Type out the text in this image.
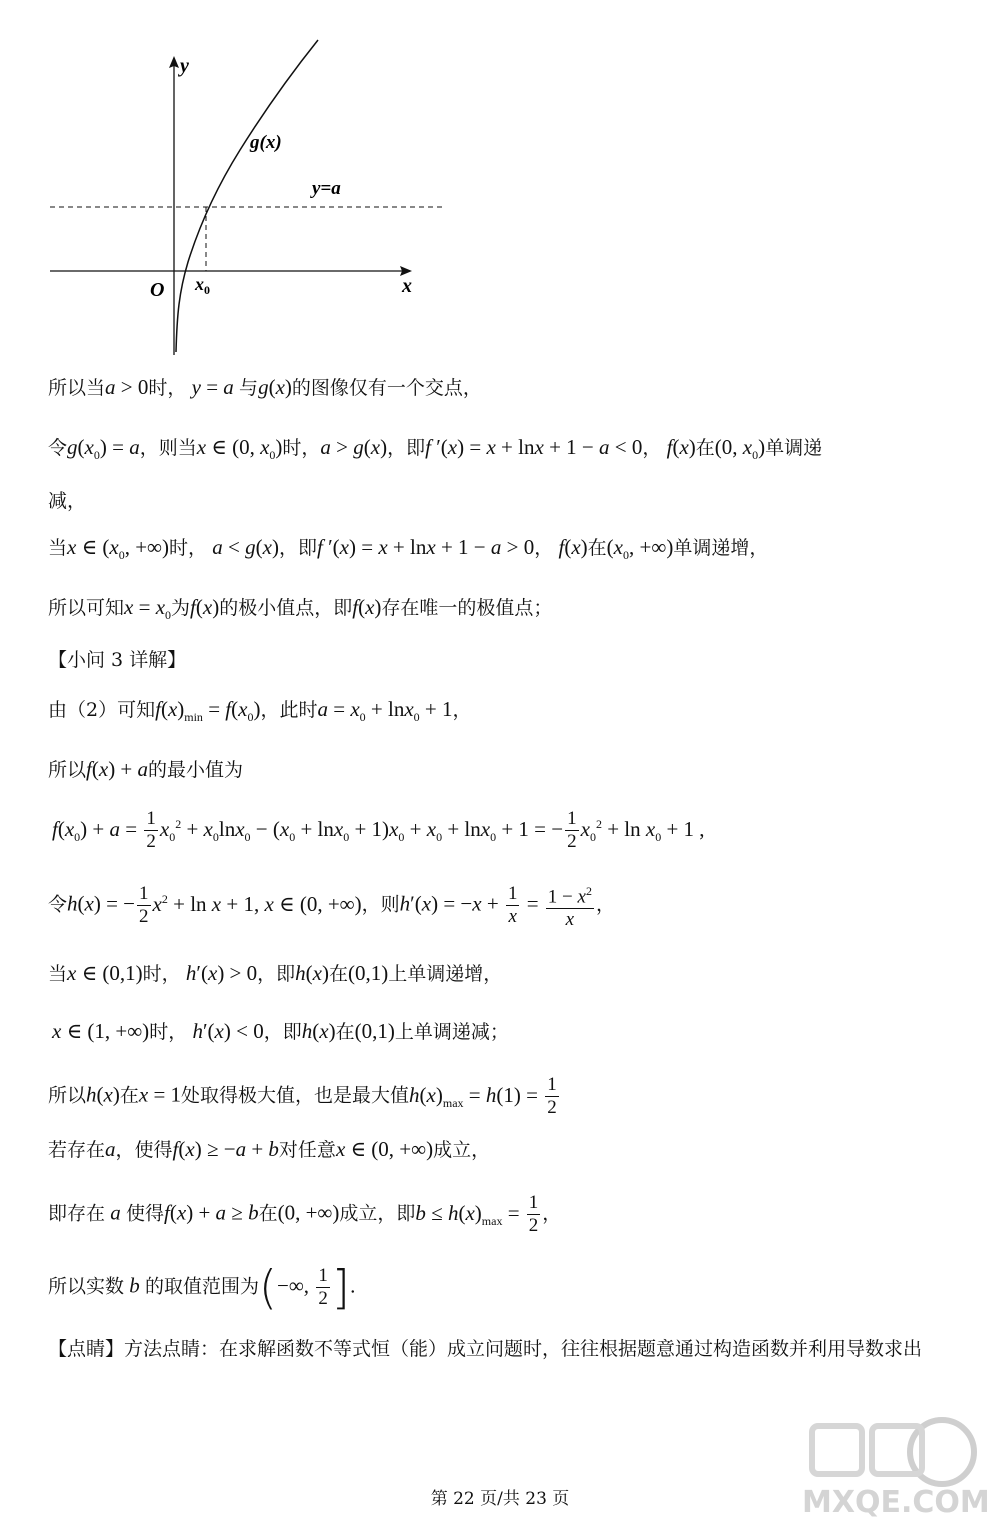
y
x
O
g(x)
y=a
$x_0$
所以当a > 0时， y = a 与g(x)的图像仅有一个交点，
令$g(x_0) = a$，则当x ∈ (0, $x_0$)时，a > g(x)，即f ′(x) = x + lnx + 1 − a < 0， f(x)在(0, $x_0$)单调递
减，
当x ∈ ($x_0$, +∞)时， a < g(x)，即f ′(x) = x + lnx + 1 − a > 0， f(x)在($x_0$, +∞)单调递增，
所以可知$x = x_0$为f(x)的极小值点，即f(x)存在唯一的极值点；
【小问 3 详解】
由（2）可知$f(x)_{min} = f(x_0)$，此时$a = x_0 + \ln x_0 + 1$，
所以f(x) + a的最小值为
$f(x_0) + a = \frac{1}{2} x_0^2 + x_0\ln x_0 - (x_0 + \ln x_0 + 1)x_0 + x_0 + \ln x_0 + 1$ = − $\frac{1}{2} x_0^2 + \ln x_0 + 1$ ,
令h(x) = − $\frac{1}{2} x^2 + \ln x + 1$, x ∈ (0, +∞)，则$h'(x) = -x + \frac{1}{x} = \frac{1 - x^2}{x}$ ，
当x ∈ (0,1)时， h′(x) > 0，即h(x)在(0,1)上单调递增，
x ∈ (1, +∞)时， h′(x) < 0，即h(x)在(0,1)上单调递减；
所以h(x)在x = 1处取得极大值，也是最大值$h(x)_{max} = h(1) = \frac{1}{2}$
若存在a，使得f(x) ≥ −a + b对任意x ∈ (0, +∞)成立，
即存在 a 使得f(x) + a ≥ b在(0, +∞)成立，即$b \le h(x)_{max} = \frac{1}{2}$ ，
所以实数 b 的取值范围为(−∞, $\frac{1}{2}$ ].
【点睛】方法点睛：在求解函数不等式恒（能）成立问题时，往往根据题意通过构造函数并利用导数求出
第 22 页/共 23 页	MXQE.COM
